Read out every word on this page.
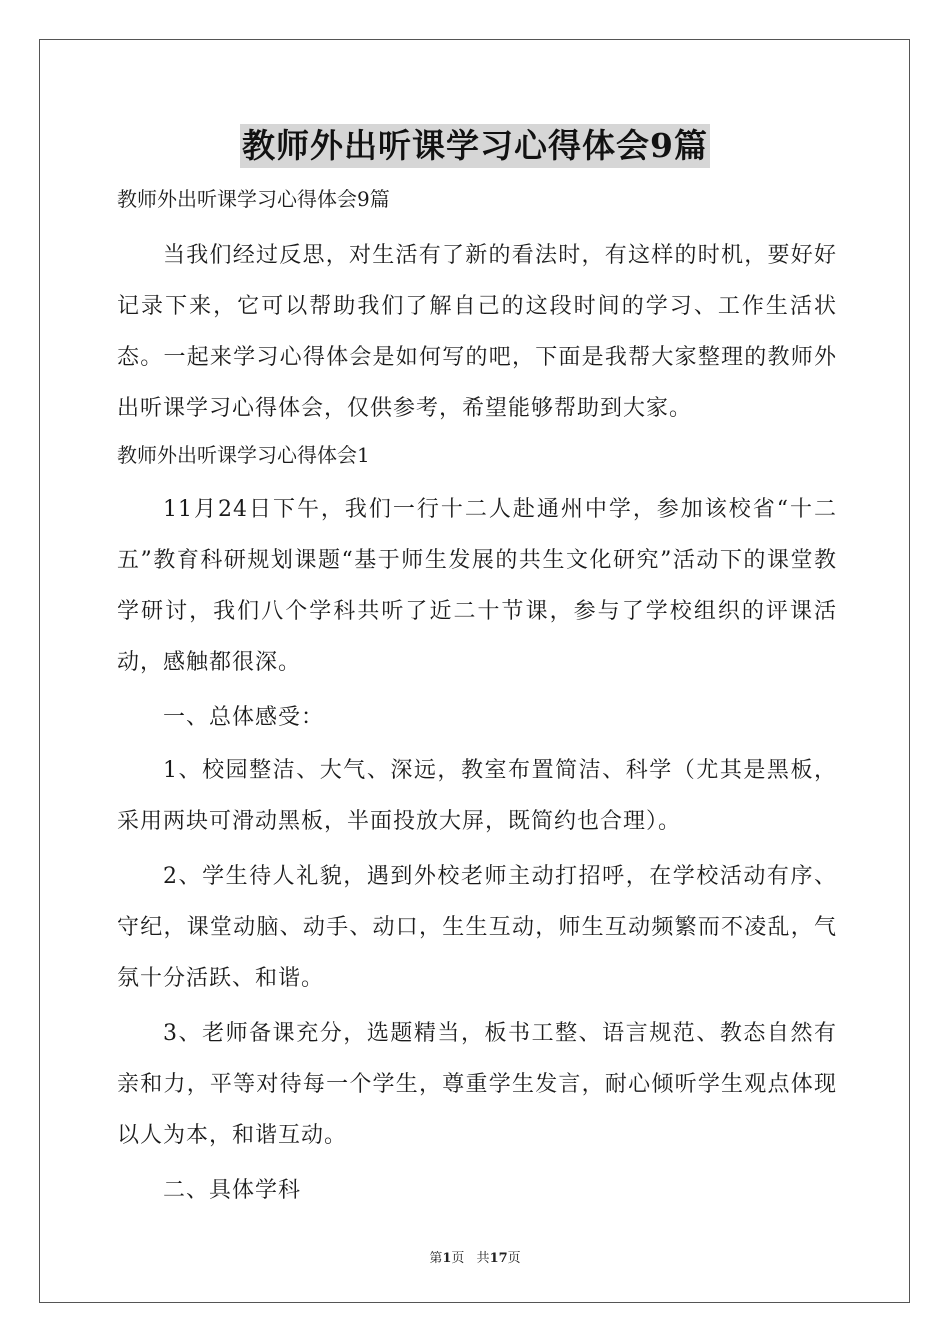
教师外出听课学习心得体会9篇

教师外出听课学习心得体会9篇

当我们经过反思，对生活有了新的看法时，有这样的时机，要好好记录下来，它可以帮助我们了解自己的这段时间的学习、工作生活状态。一起来学习心得体会是如何写的吧，下面是我帮大家整理的教师外出听课学习心得体会，仅供参考，希望能够帮助到大家。

教师外出听课学习心得体会1

11月24日下午，我们一行十二人赴通州中学，参加该校省“十二五”教育科研规划课题“基于师生发展的共生文化研究”活动下的课堂教学研讨，我们八个学科共听了近二十节课，参与了学校组织的评课活动，感触都很深。

一、总体感受：

1、校园整洁、大气、深远，教室布置简洁、科学（尤其是黑板，采用两块可滑动黑板，半面投放大屏，既简约也合理）。

2、学生待人礼貌，遇到外校老师主动打招呼，在学校活动有序、守纪，课堂动脑、动手、动口，生生互动，师生互动频繁而不凌乱，气氛十分活跃、和谐。

3、老师备课充分，选题精当，板书工整、语言规范、教态自然有亲和力，平等对待每一个学生，尊重学生发言，耐心倾听学生观点体现以人为本，和谐互动。

二、具体学科

第1页 共17页
